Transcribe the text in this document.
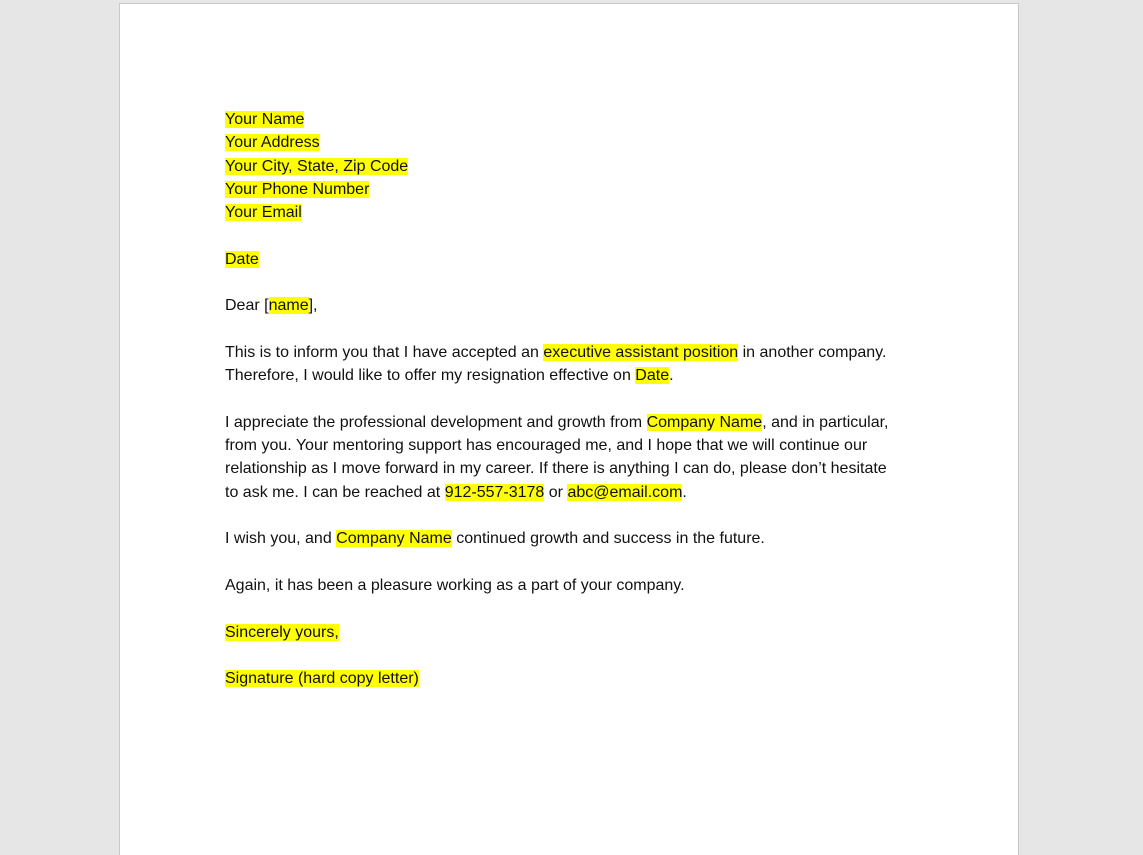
Your Name
Your Address
Your City, State, Zip Code
Your Phone Number
Your Email
Date
Dear [name],
This is to inform you that I have accepted an executive assistant position in another company.
Therefore, I would like to offer my resignation effective on Date.
I appreciate the professional development and growth from Company Name, and in particular,
from you. Your mentoring support has encouraged me, and I hope that we will continue our
relationship as I move forward in my career. If there is anything I can do, please don’t hesitate
to ask me. I can be reached at 912-557-3178 or abc@email.com.
I wish you, and Company Name continued growth and success in the future.
Again, it has been a pleasure working as a part of your company.
Sincerely yours,
Signature (hard copy letter)
